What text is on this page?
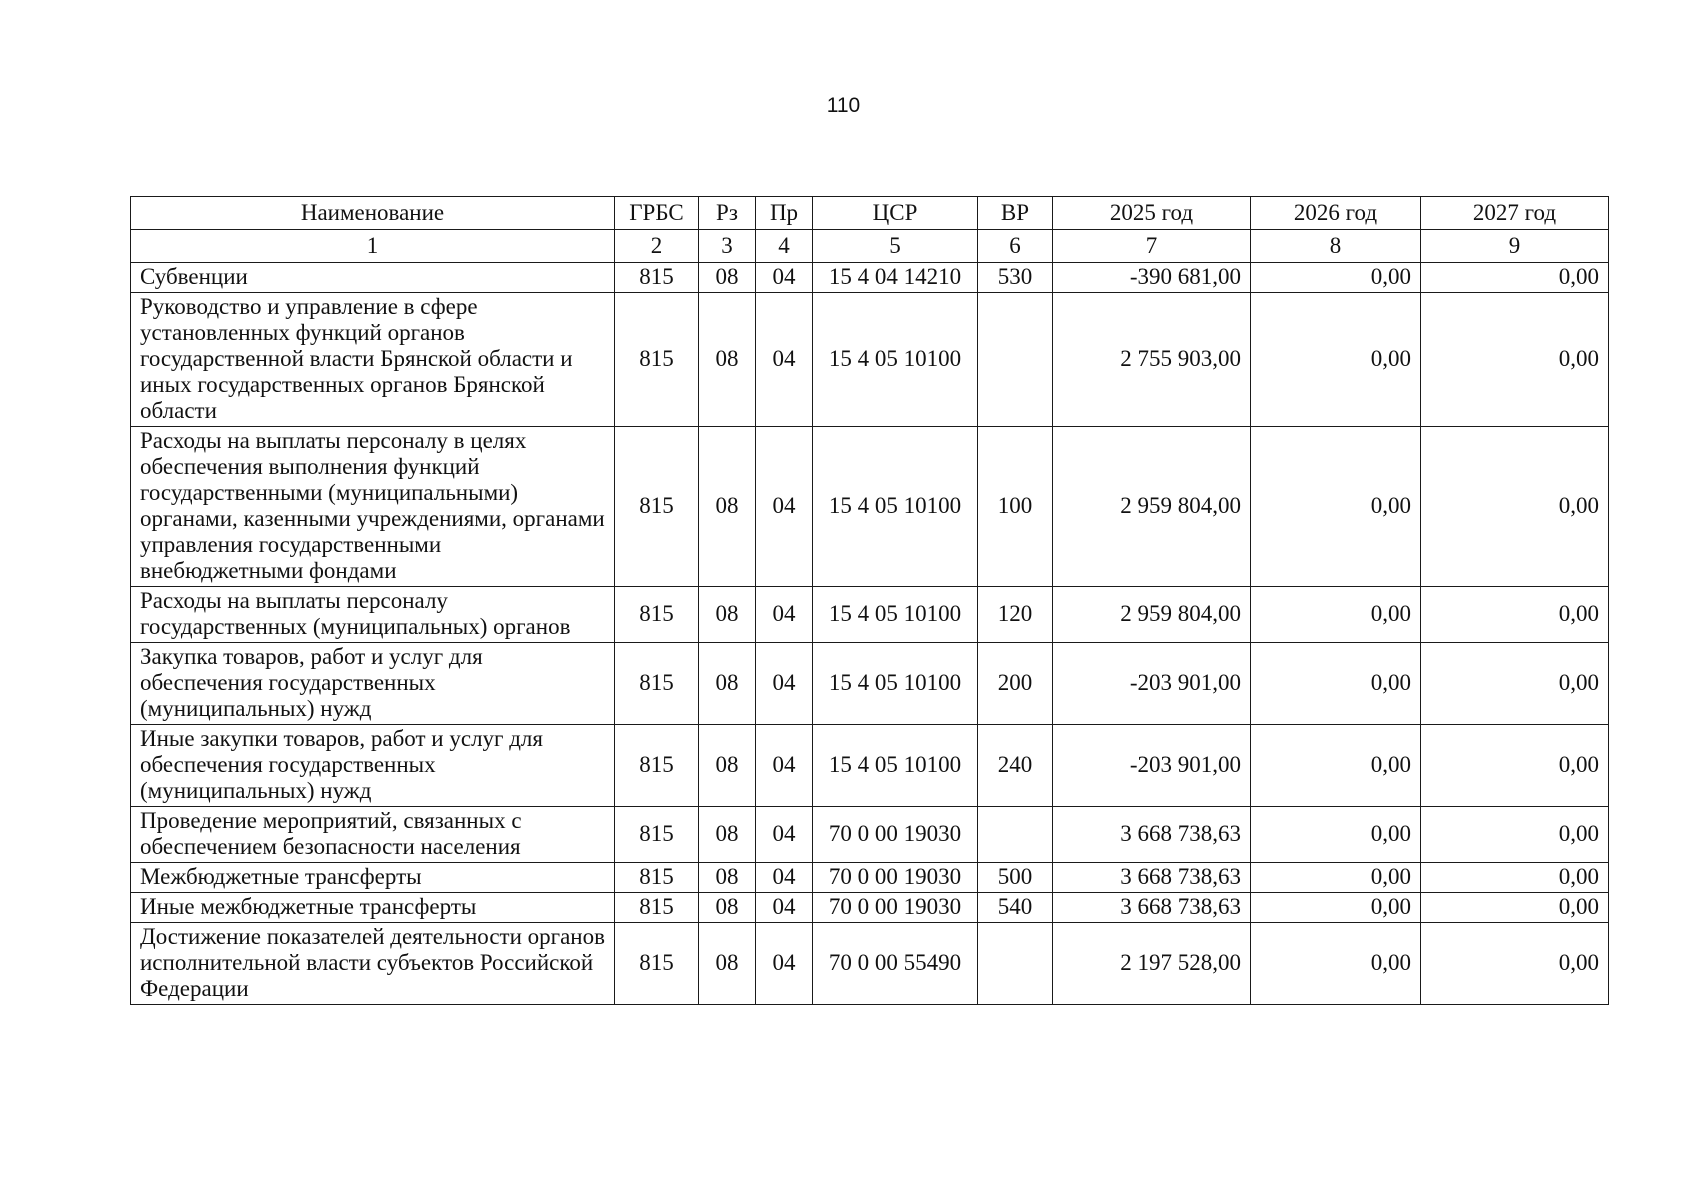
110
Наименование	ГРБС	Рз	Пр	ЦСР	ВР	2025 год	2026 год	2027 год
1	2	3	4	5	6	7	8	9
Субвенции	815	08	04	15 4 04 14210	530	-390 681,00	0,00	0,00
Руководство и управление в сфере установленных функций органов государственной власти Брянской области и иных государственных органов Брянской области	815	08	04	15 4 05 10100		2 755 903,00	0,00	0,00
Расходы на выплаты персоналу в целях обеспечения выполнения функций государственными (муниципальными) органами, казенными учреждениями, органами управления государственными внебюджетными фондами	815	08	04	15 4 05 10100	100	2 959 804,00	0,00	0,00
Расходы на выплаты персоналу государственных (муниципальных) органов	815	08	04	15 4 05 10100	120	2 959 804,00	0,00	0,00
Закупка товаров, работ и услуг для обеспечения государственных (муниципальных) нужд	815	08	04	15 4 05 10100	200	-203 901,00	0,00	0,00
Иные закупки товаров, работ и услуг для обеспечения государственных (муниципальных) нужд	815	08	04	15 4 05 10100	240	-203 901,00	0,00	0,00
Проведение мероприятий, связанных с обеспечением безопасности населения	815	08	04	70 0 00 19030		3 668 738,63	0,00	0,00
Межбюджетные трансферты	815	08	04	70 0 00 19030	500	3 668 738,63	0,00	0,00
Иные межбюджетные трансферты	815	08	04	70 0 00 19030	540	3 668 738,63	0,00	0,00
Достижение показателей деятельности органов исполнительной власти субъектов Российской Федерации	815	08	04	70 0 00 55490		2 197 528,00	0,00	0,00
